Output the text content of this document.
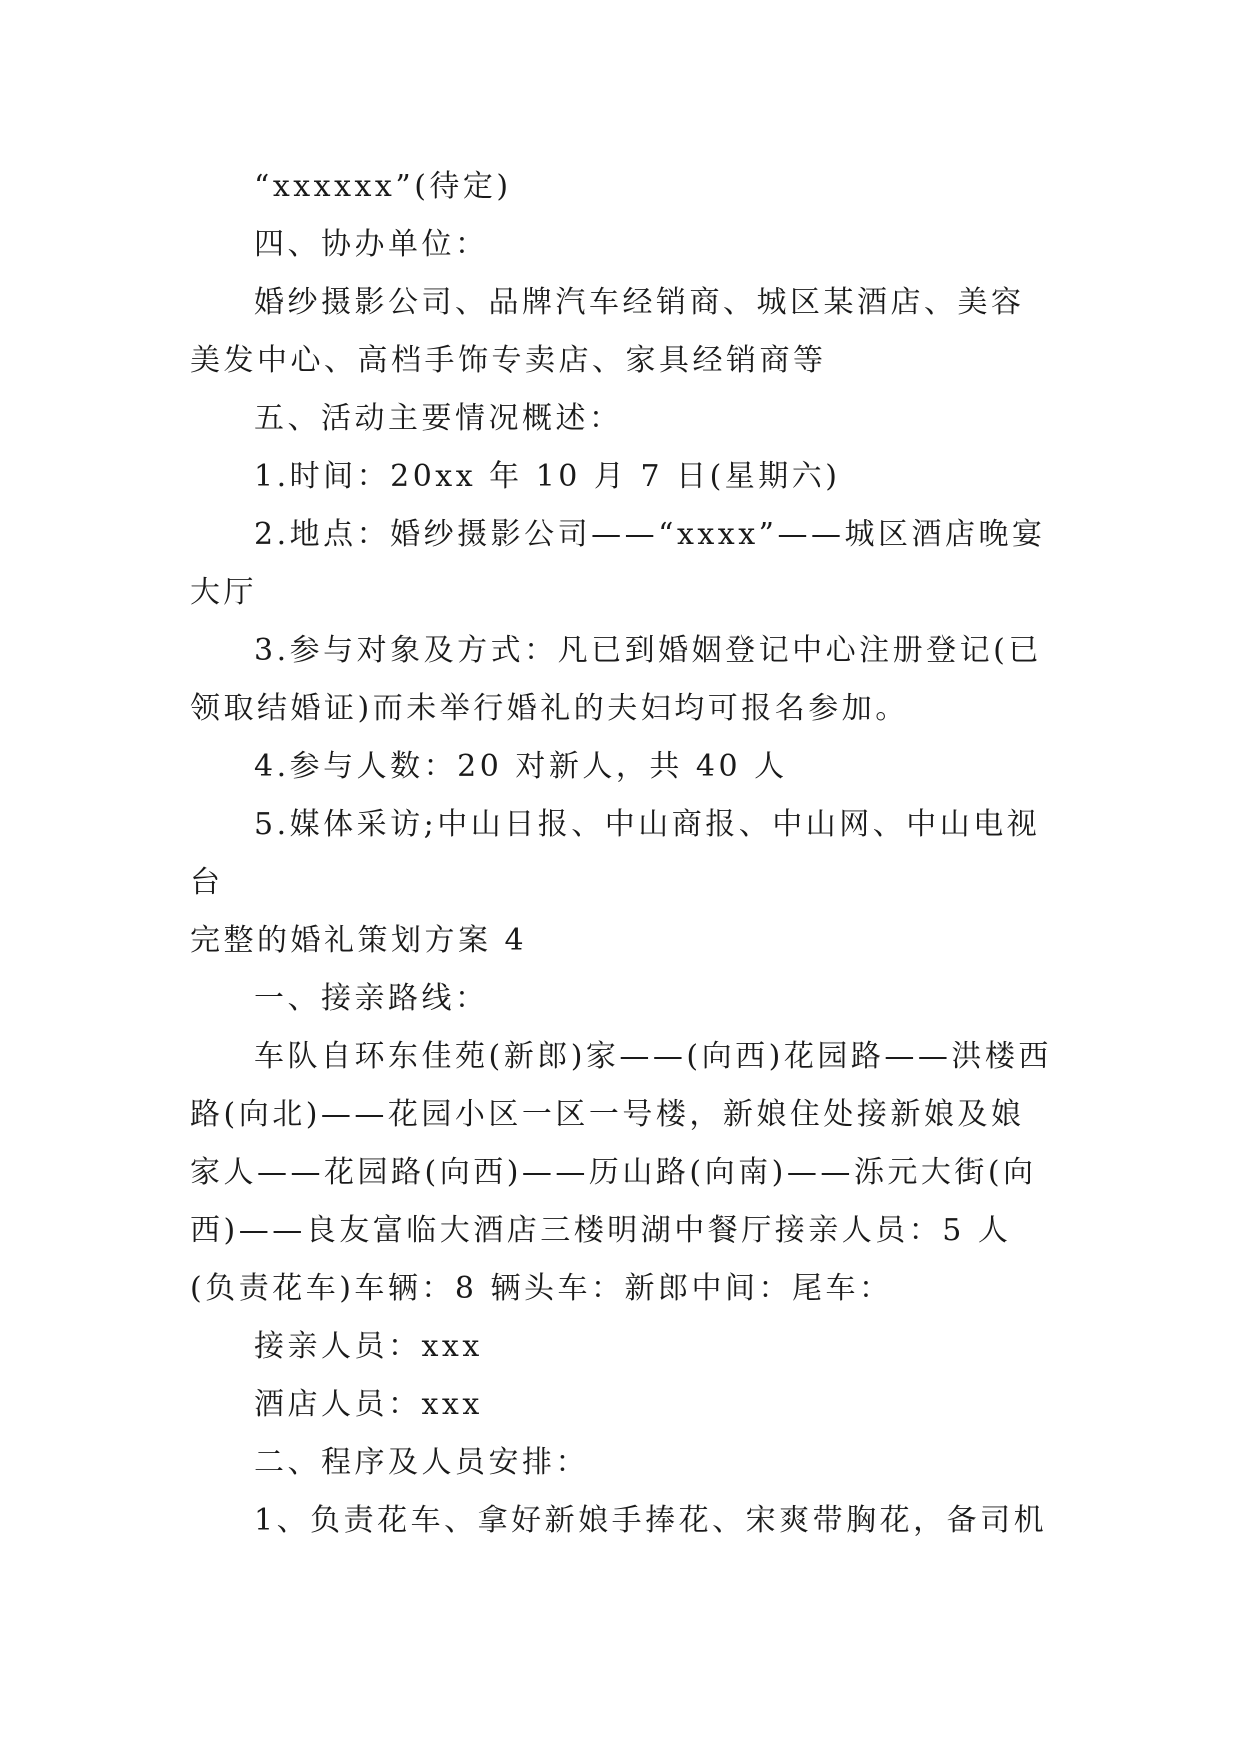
“xxxxxx”(待定)

四、协办单位：

婚纱摄影公司、品牌汽车经销商、城区某酒店、美容美发中心、高档手饰专卖店、家具经销商等

五、活动主要情况概述：

1.时间：20xx 年 10 月 7 日(星期六)

2.地点：婚纱摄影公司——“xxxx”——城区酒店晚宴大厅

3.参与对象及方式：凡已到婚姻登记中心注册登记(已领取结婚证)而未举行婚礼的夫妇均可报名参加。

4.参与人数：20 对新人，共 40 人

5.媒体采访;中山日报、中山商报、中山网、中山电视台

完整的婚礼策划方案 4

一、接亲路线：

车队自环东佳苑(新郎)家——(向西)花园路——洪楼西路(向北)——花园小区一区一号楼，新娘住处接新娘及娘家人——花园路(向西)——历山路(向南)——泺元大街(向西)——良友富临大酒店三楼明湖中餐厅接亲人员：5 人(负责花车)车辆：8 辆头车：新郎中间：尾车：

接亲人员：xxx

酒店人员：xxx

二、程序及人员安排：

1、负责花车、拿好新娘手捧花、宋爽带胸花，备司机
